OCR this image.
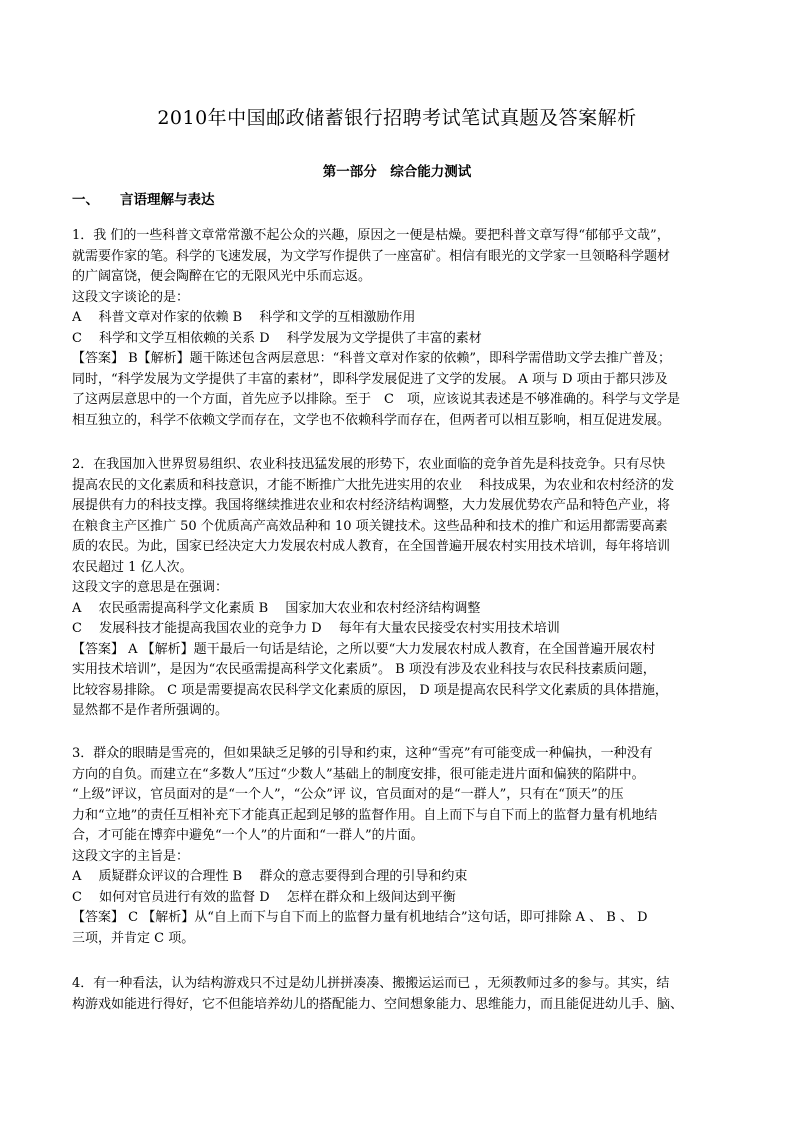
2010年中国邮政储蓄银行招聘考试笔试真题及答案解析
第一部分　综合能力测试
一、 言语理解与表达
1．我 们的一些科普文章常常激不起公众的兴趣，原因之一便是枯燥。要把科普文章写得“郁郁乎文哉”，
就需要作家的笔。科学的飞速发展，为文学写作提供了一座富矿。相信有眼光的文学家一旦领略科学题材
的广阔富饶，便会陶醉在它的无限风光中乐而忘返。
这段文字谈论的是：
A　 科普文章对作家的依赖 B　 科学和文学的互相激励作用
C　 科学和文学互相依赖的关系 D　 科学发展为文学提供了丰富的素材
【答案】 B【解析】题干陈述包含两层意思：“科普文章对作家的依赖”，即科学需借助文学去推广普及；
同时，“科学发展为文学提供了丰富的素材”，即科学发展促进了文学的发展。 A 项与 D 项由于都只涉及
了这两层意思中的一个方面，首先应予以排除。至于　C　项，应该说其表述是不够准确的。科学与文学是
相互独立的，科学不依赖文学而存在，文学也不依赖科学而存在，但两者可以相互影响，相互促进发展。
2．在我国加入世界贸易组织、农业科技迅猛发展的形势下，农业面临的竞争首先是科技竞争。只有尽快
提高农民的文化素质和科技意识，才能不断推广大批先进实用的农业　 科技成果，为农业和农村经济的发
展提供有力的科技支撑。我国将继续推进农业和农村经济结构调整，大力发展优势农产品和特色产业，将
在粮食主产区推广 50 个优质高产高效品种和 10 项关键技术。这些品种和技术的推广和运用都需要高素
质的农民。为此，国家已经决定大力发展农村成人教育，在全国普遍开展农村实用技术培训，每年将培训
农民超过 1 亿人次。
这段文字的意思是在强调：
A　 农民亟需提高科学文化素质 B　 国家加大农业和农村经济结构调整
C　 发展科技才能提高我国农业的竞争力 D　 每年有大量农民接受农村实用技术培训
【答案】 A 【解析】题干最后一句话是结论，之所以要“大力发展农村成人教育，在全国普遍开展农村
实用技术培训”，是因为“农民亟需提高科学文化素质”。 B 项没有涉及农业科技与农民科技素质问题，
比较容易排除。 C 项是需要提高农民科学文化素质的原因， D 项是提高农民科学文化素质的具体措施，
显然都不是作者所强调的。
3．群众的眼睛是雪亮的，但如果缺乏足够的引导和约束，这种“雪亮”有可能变成一种偏执，一种没有
方向的自负。而建立在“多数人”压过“少数人”基础上的制度安排，很可能走进片面和偏狭的陷阱中。
“上级”评议，官员面对的是“一个人”，“公众”评 议，官员面对的是“一群人”，只有在“顶天”的压
力和“立地”的责任互相补充下才能真正起到足够的监督作用。自上而下与自下而上的监督力量有机地结
合，才可能在博弈中避免“一个人”的片面和“一群人”的片面。
这段文字的主旨是：
A　 质疑群众评议的合理性 B　 群众的意志要得到合理的引导和约束
C　 如何对官员进行有效的监督 D　 怎样在群众和上级间达到平衡
【答案】 C 【解析】从“自上而下与自下而上的监督力量有机地结合”这句话，即可排除 A 、 B 、 D
三项，并肯定 C 项。
4．有一种看法，认为结构游戏只不过是幼儿拼拼凑凑、搬搬运运而已 ，无须教师过多的参与。其实，结
构游戏如能进行得好，它不但能培养幼儿的搭配能力、空间想象能力、思维能力，而且能促进幼儿手、脑、
